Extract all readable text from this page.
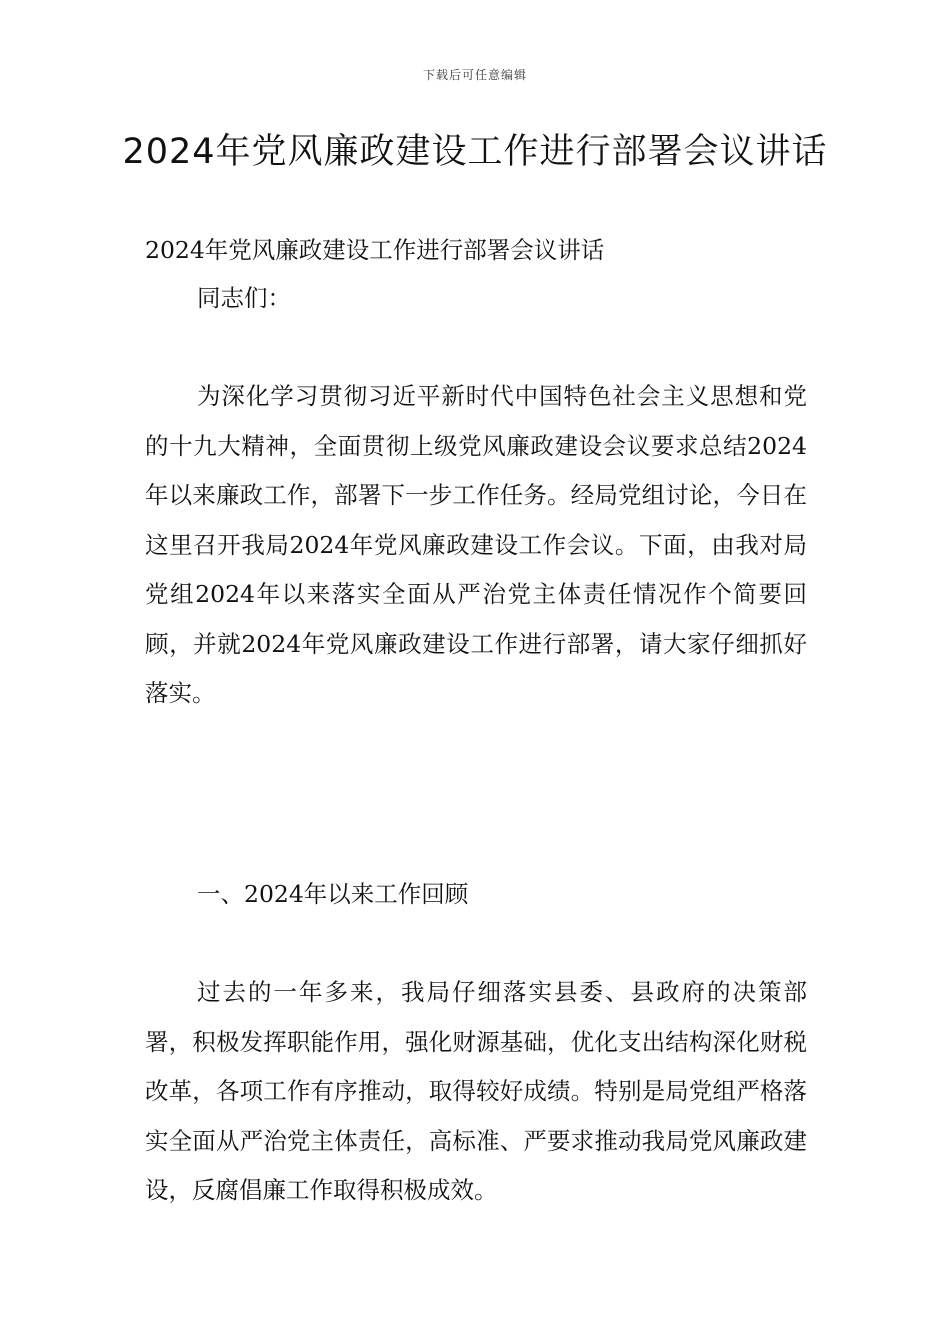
下载后可任意编辑
2024年党风廉政建设工作进行部署会议讲话

2024年党风廉政建设工作进行部署会议讲话

同志们：

为深化学习贯彻习近平新时代中国特色社会主义思想和党的十九大精神，全面贯彻上级党风廉政建设会议要求总结2024年以来廉政工作，部署下一步工作任务。经局党组讨论，今日在这里召开我局2024年党风廉政建设工作会议。下面，由我对局党组2024年以来落实全面从严治党主体责任情况作个简要回顾，并就2024年党风廉政建设工作进行部署，请大家仔细抓好落实。

一、2024年以来工作回顾

过去的一年多来，我局仔细落实县委、县政府的决策部署，积极发挥职能作用，强化财源基础，优化支出结构深化财税改革，各项工作有序推动，取得较好成绩。特别是局党组严格落实全面从严治党主体责任，高标准、严要求推动我局党风廉政建设，反腐倡廉工作取得积极成效。
